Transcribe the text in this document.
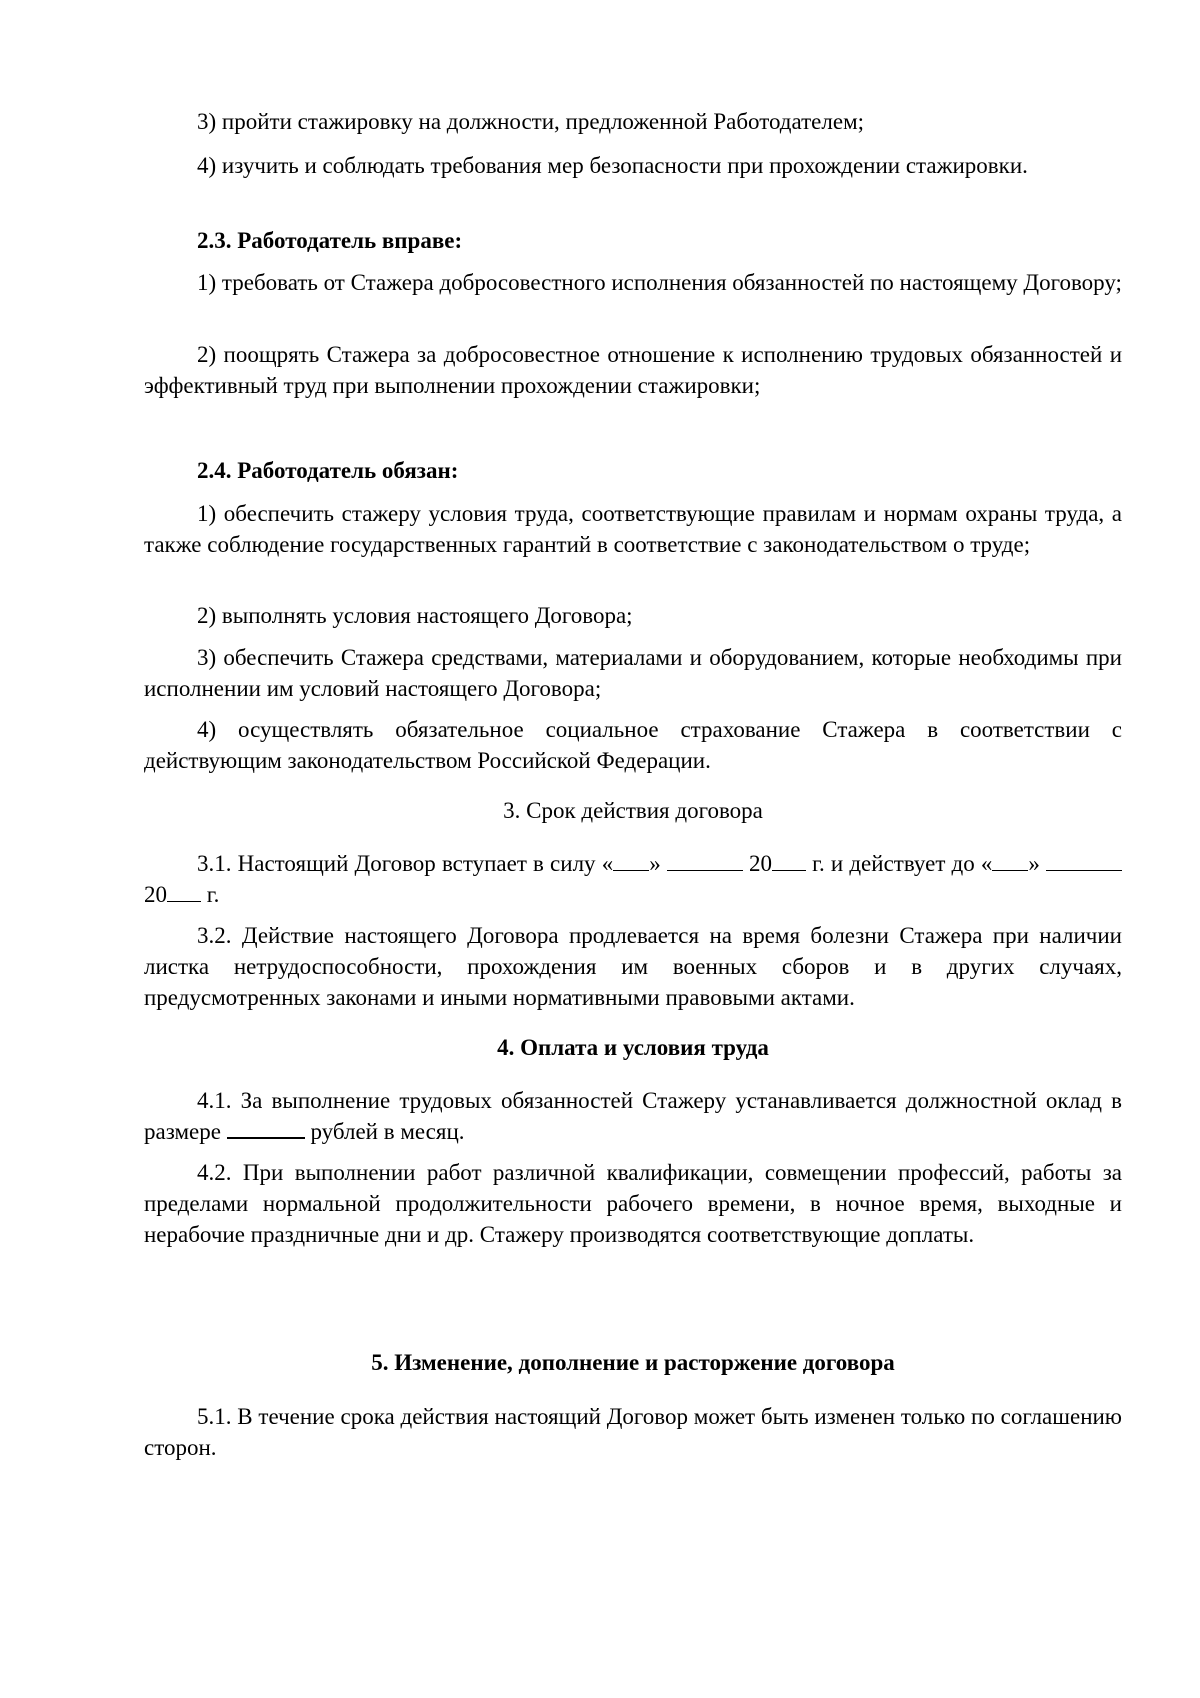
3) пройти стажировку на должности, предложенной Работодателем;

4) изучить и соблюдать требования мер безопасности при прохождении стажировки.

2.3. Работодатель вправе:

1) требовать от Стажера добросовестного исполнения обязанностей по настоящему Договору;

2) поощрять Стажера за добросовестное отношение к исполнению трудовых обязанностей и эффективный труд при выполнении прохождении стажировки;

2.4. Работодатель обязан:

1) обеспечить стажеру условия труда, соответствующие правилам и нормам охраны труда, а также соблюдение государственных гарантий в соответствие с законодательством о труде;

2) выполнять условия настоящего Договора;

3) обеспечить Стажера средствами, материалами и оборудованием, которые необходимы при исполнении им условий настоящего Договора;

4) осуществлять обязательное социальное страхование Стажера в соответствии с действующим законодательством Российской Федерации.

3. Срок действия договора

3.1. Настоящий Договор вступает в силу « »	20 г. и действует до « »  20 г.

3.2. Действие настоящего Договора продлевается на время болезни Стажера при наличии листка нетрудоспособности, прохождения им военных сборов и в других случаях, предусмотренных законами и иными нормативными правовыми актами.

4. Оплата и условия труда

4.1. За выполнение трудовых обязанностей Стажеру устанавливается должностной оклад в размере	рублей в месяц.

4.2. При выполнении работ различной квалификации, совмещении профессий, работы за пределами нормальной продолжительности рабочего времени, в ночное время, выходные и нерабочие праздничные дни и др. Стажеру производятся соответствующие доплаты.

5. Изменение, дополнение и расторжение договора

5.1. В течение срока действия настоящий Договор может быть изменен только по соглашению сторон.
